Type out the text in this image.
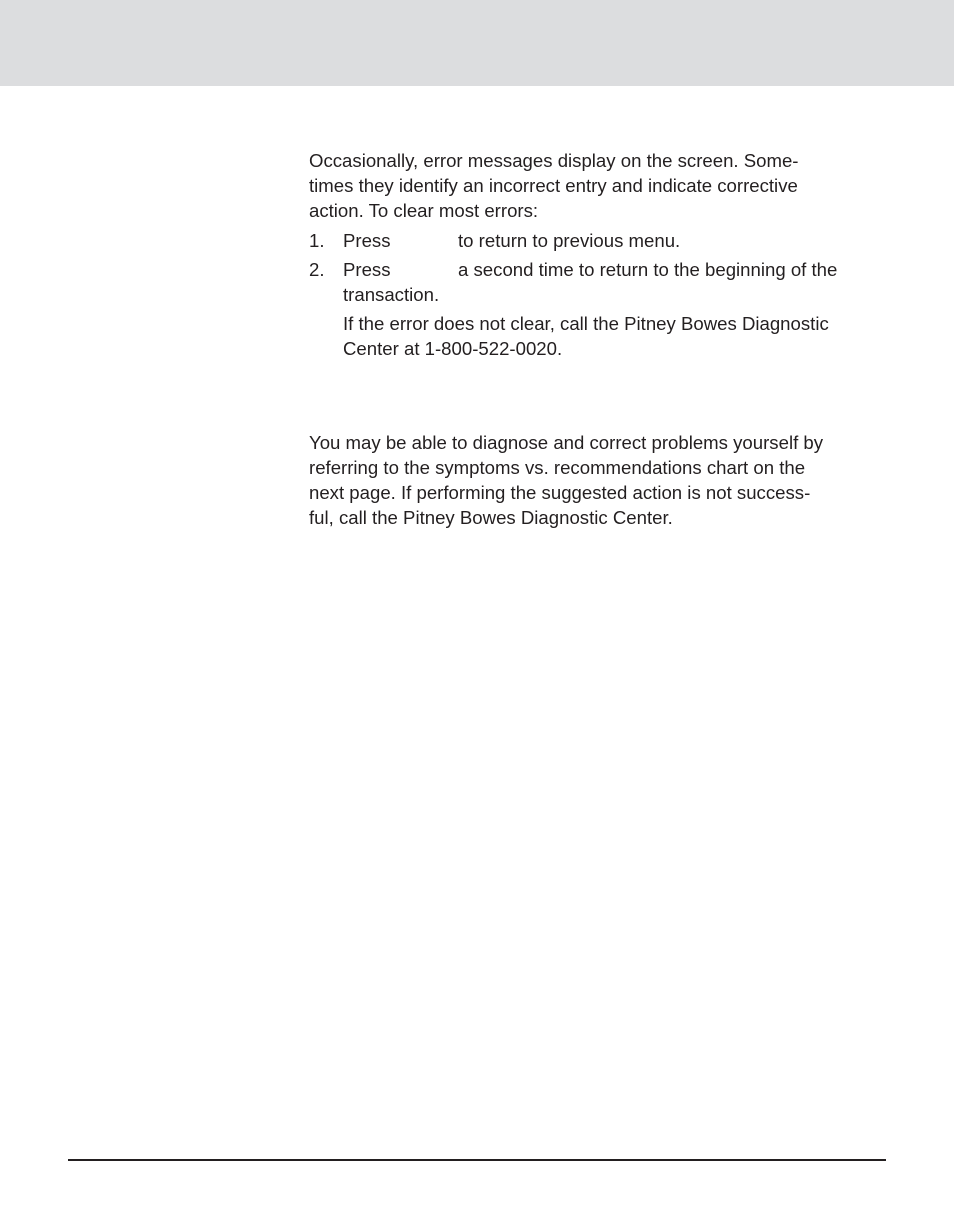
Occasionally, error messages display on the screen. Some-
times they identify an incorrect entry and indicate corrective
action. To clear most errors:

1. Press	to return to previous menu.
2. Press	a second time to return to the beginning of the
transaction.

If the error does not clear, call the Pitney Bowes Diagnostic
Center at 1-800-522-0020.

You may be able to diagnose and correct problems yourself by
referring to the symptoms vs. recommendations chart on the
next page. If performing the suggested action is not success-
ful, call the Pitney Bowes Diagnostic Center.
